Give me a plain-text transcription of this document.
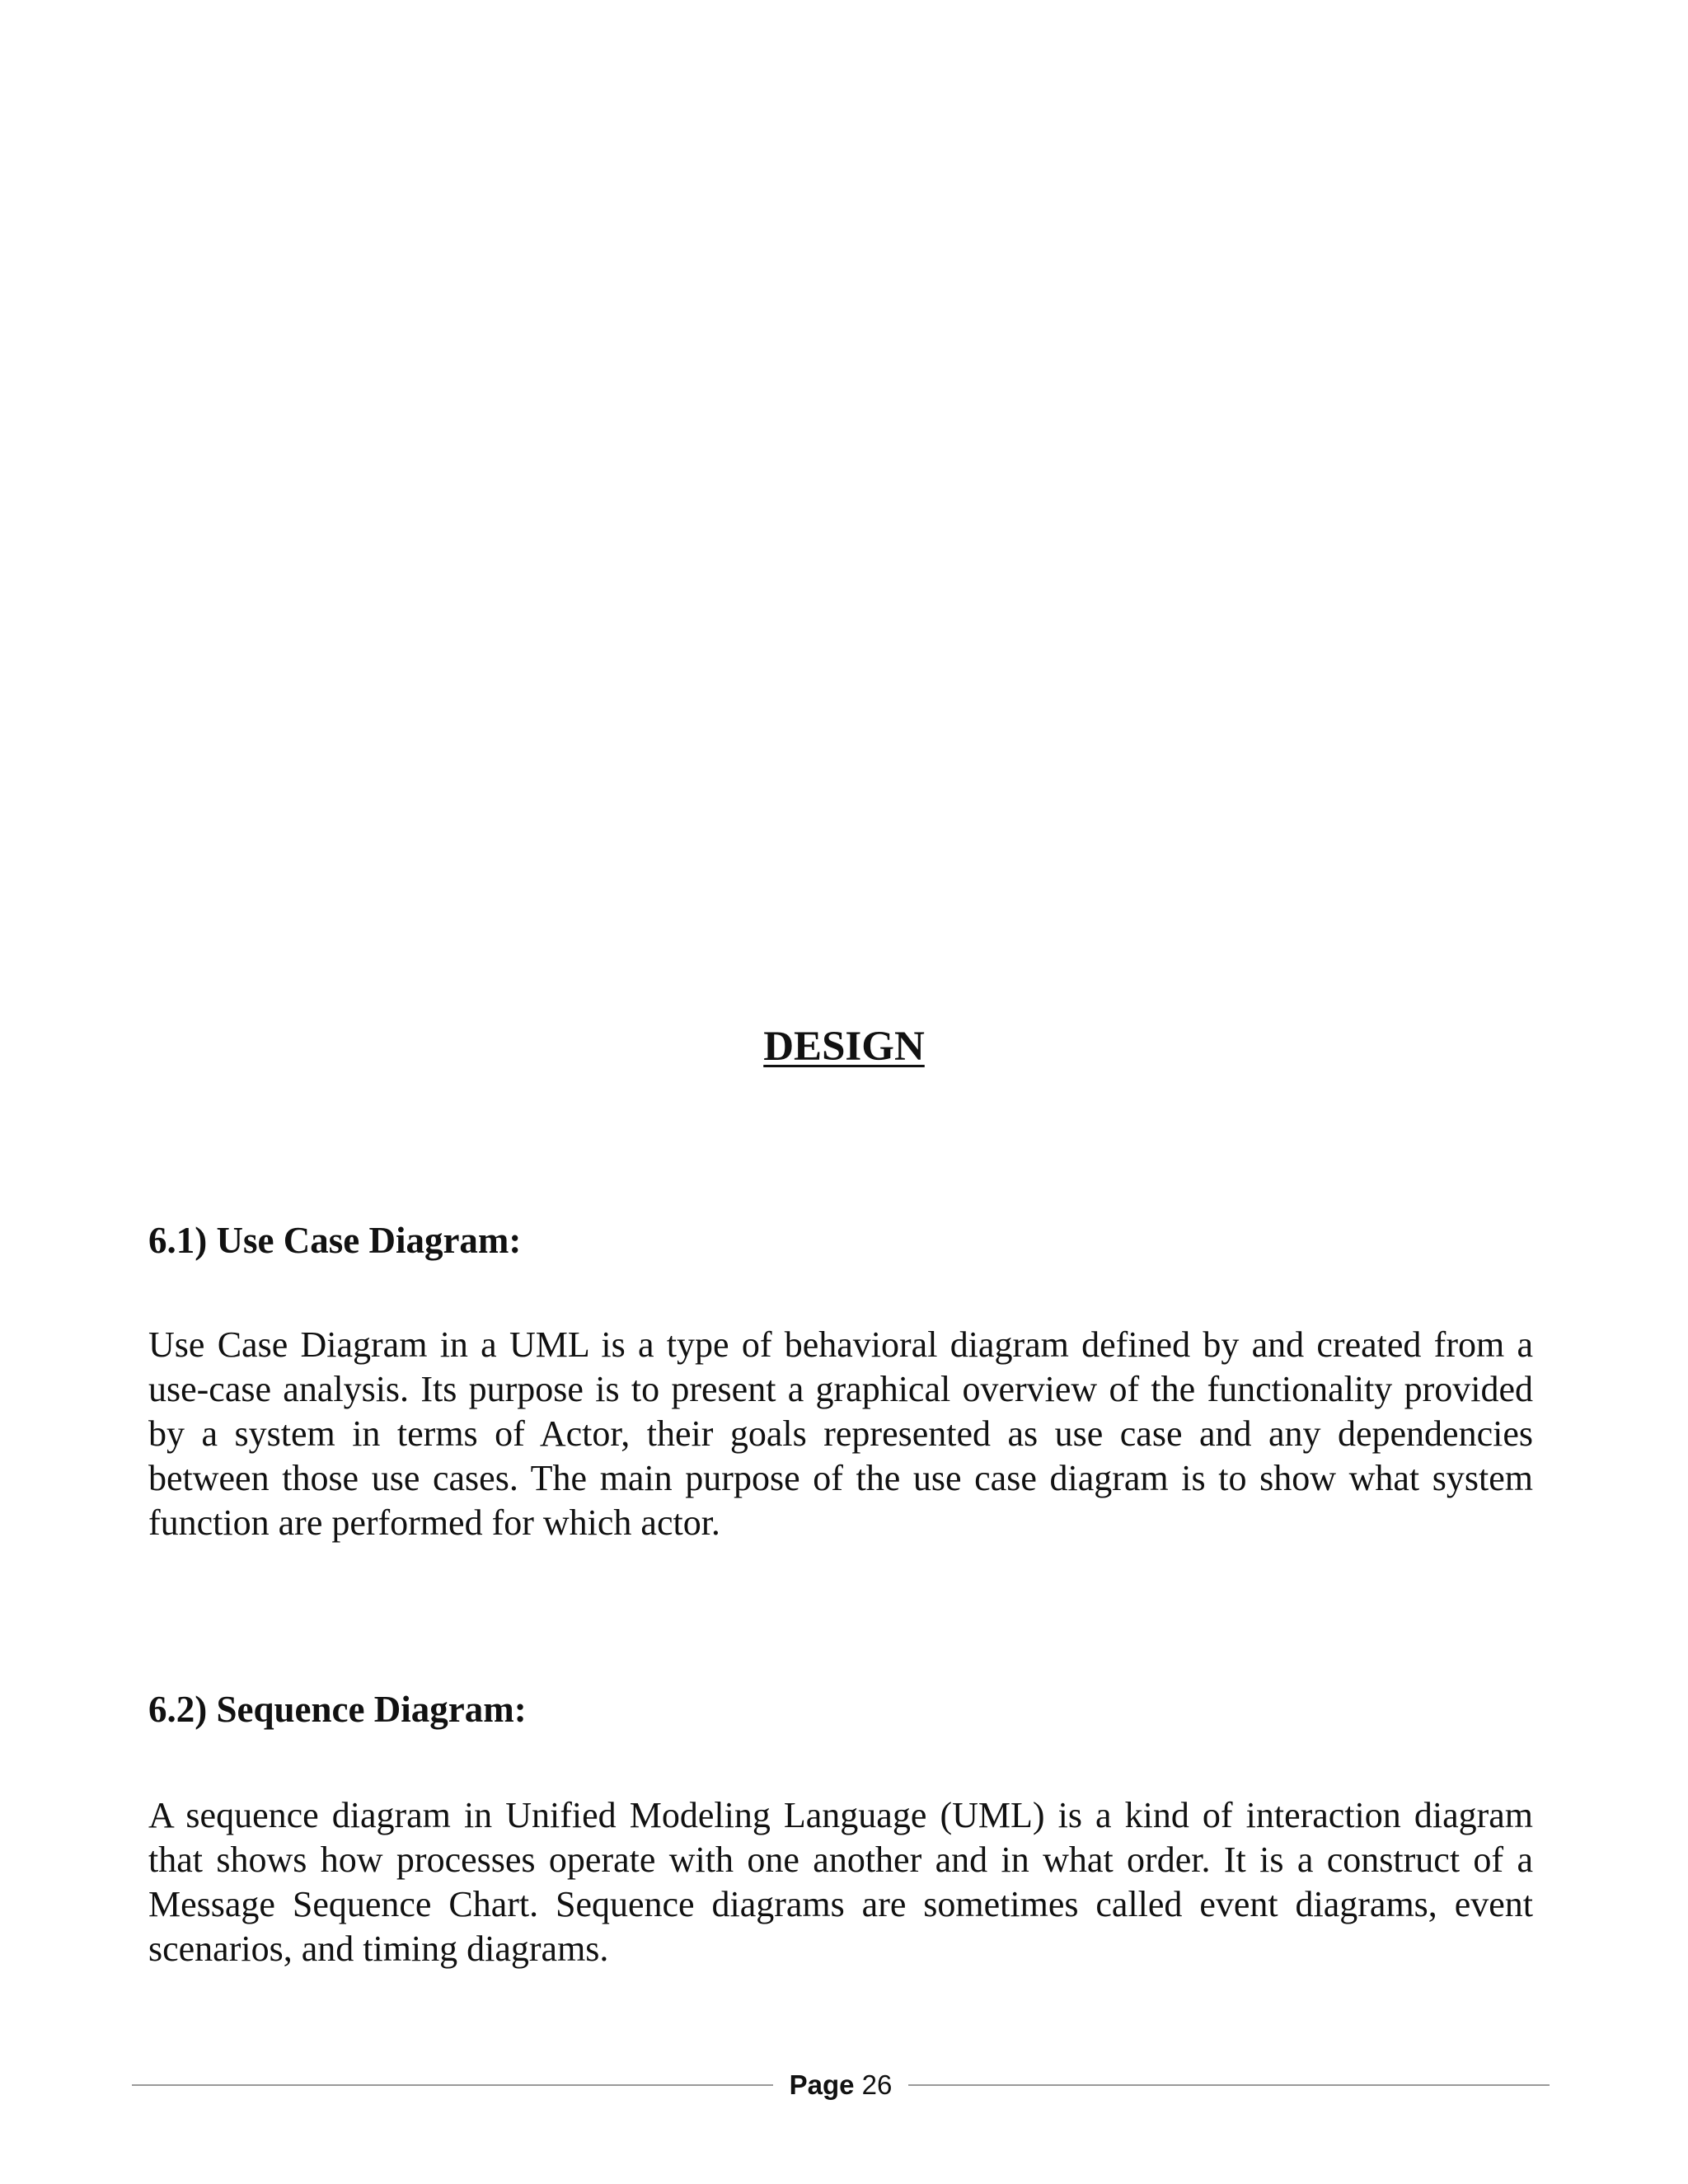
DESIGN
6.1) Use Case Diagram:

Use Case Diagram in a UML is a type of behavioral diagram defined by and created from a use-case analysis. Its purpose is to present a graphical overview of the functionality provided by a system in terms of Actor, their goals represented as use case and any dependencies between those use cases. The main purpose of the use case diagram is to show what system function are performed for which actor.

6.2) Sequence Diagram:

A sequence diagram in Unified Modeling Language (UML) is a kind of interaction diagram that shows how processes operate with one another and in what order. It is a construct of a Message Sequence Chart. Sequence diagrams are sometimes called event diagrams, event scenarios, and timing diagrams.

Page 26
